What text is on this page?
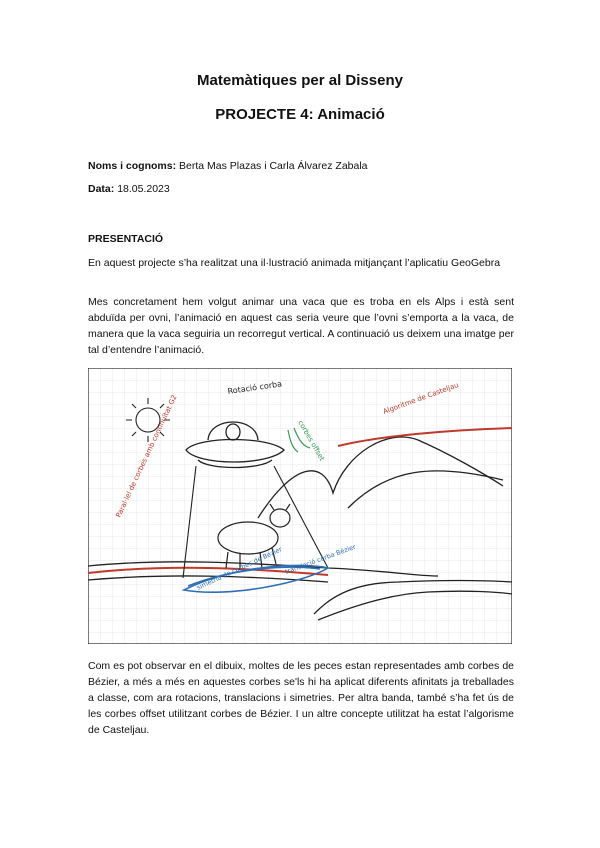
Matemàtiques per al Disseny
PROJECTE 4: Animació
Noms i cognoms: Berta Mas Plazas i Carla Álvarez Zabala
Data: 18.05.2023
PRESENTACIÓ
En aquest projecte s’ha realitzat una il·lustració animada mitjançant l’aplicatiu GeoGebra
Mes concretament hem volgut animar una vaca que es troba en els Alps i està sent abduïda per ovni, l’animació en aquest cas seria veure que l’ovni s’emporta a la vaca, de manera que la vaca seguiria un recorregut vertical. A continuació us deixem una imatge per tal d’entendre l’animació.
Rotació corba
corbes offset
Algoritme de Casteljau
Paral·lel de corbes amb continuïtat G2
simetria de corbes de Bézier translació corba Bézier
Com es pot observar en el dibuix, moltes de les peces estan representades amb corbes de Bézier, a més a més en aquestes corbes se'ls hi ha aplicat diferents afinitats ja treballades a classe, com ara rotacions, translacions i simetries. Per altra banda, també s’ha fet ús de les corbes offset utilitzant corbes de Bézier. I un altre concepte utilitzat ha estat l’algorisme de Casteljau.
